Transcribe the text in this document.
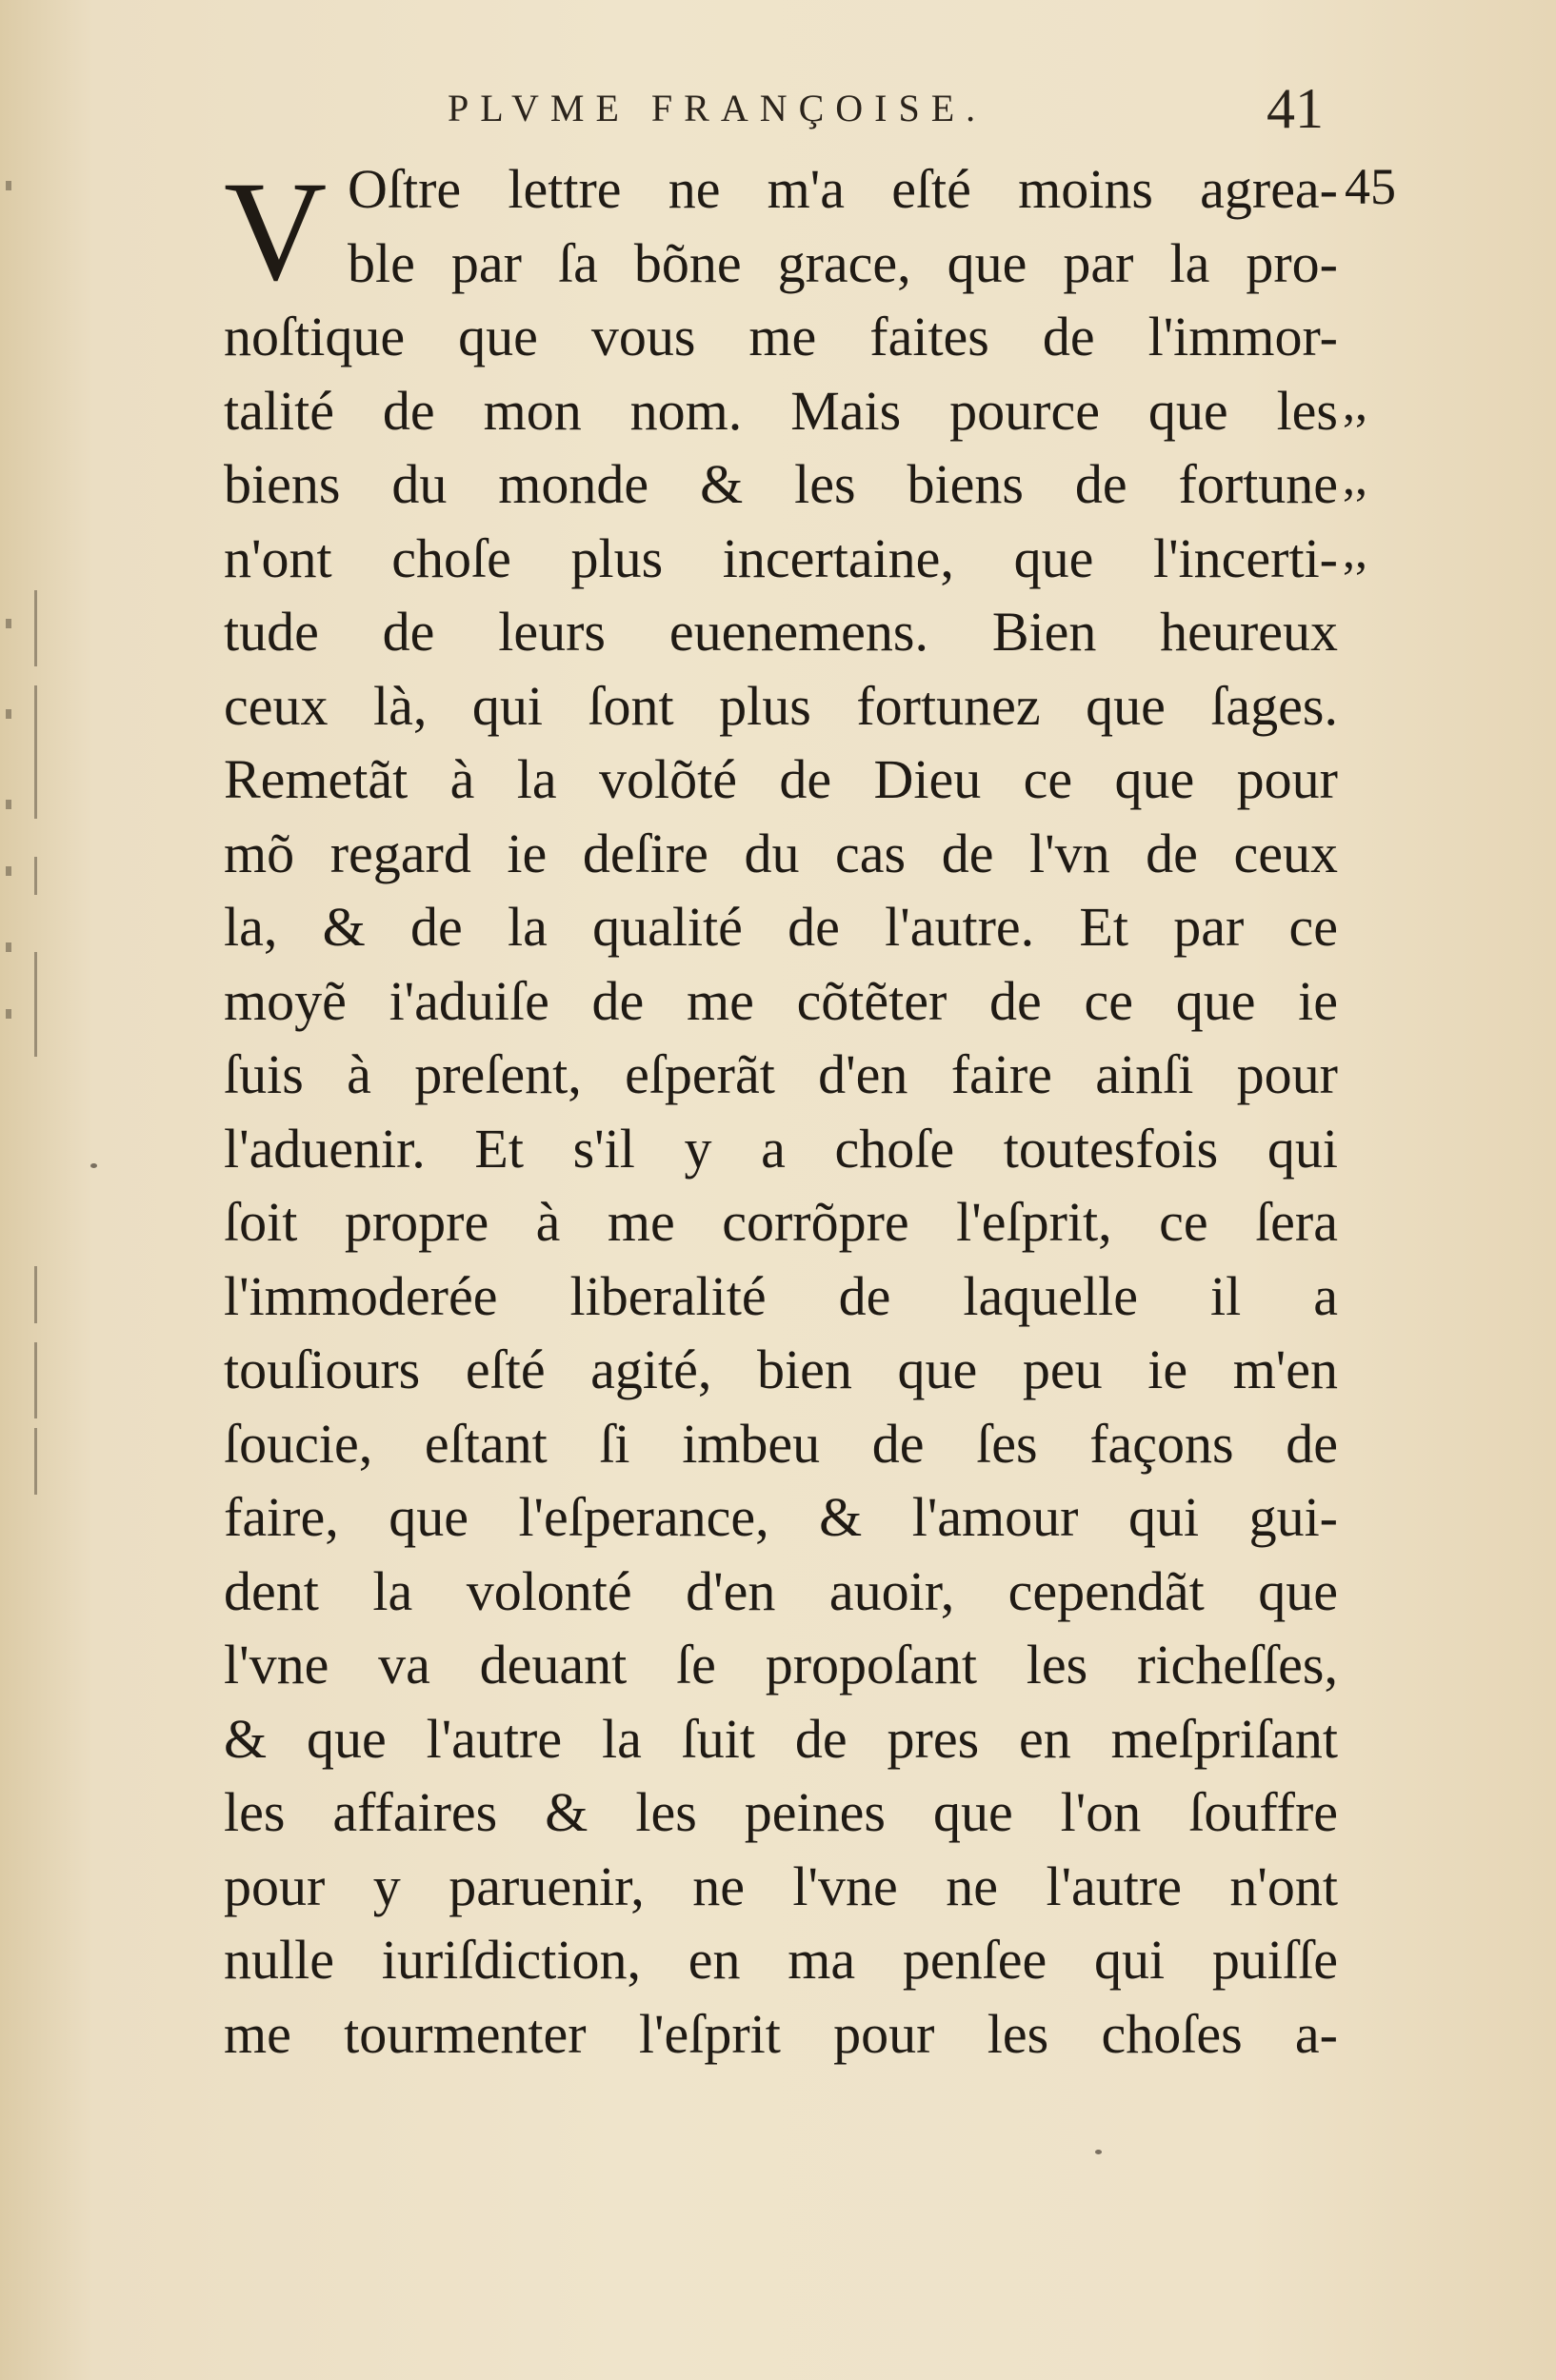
PLVME FRANÇOISE.	41
V	45
,,
,,
,,
Oſtre lettre ne m'a eſté moins agrea-
ble par ſa bõne grace, que par la pro-
noſtique que vous me faites de l'immor-
talité de mon nom. Mais pource que les
biens du monde & les biens de fortune
n'ont choſe plus incertaine, que l'incerti-
tude de leurs euenemens. Bien heureux
ceux là, qui ſont plus fortunez que ſages.
Remetãt à la volõté de Dieu ce que pour
mõ regard ie deſire du cas de l'vn de ceux
la, & de la qualité de l'autre. Et par ce
moyẽ i'aduiſe de me cõtẽter de ce que ie
ſuis à preſent, eſperãt d'en faire ainſi pour
l'aduenir. Et s'il y a choſe toutesfois qui
ſoit propre à me corrõpre l'eſprit, ce ſera
l'immoderée liberalité de laquelle il a
touſiours eſté agité, bien que peu ie m'en
ſoucie, eſtant ſi imbeu de ſes façons de
faire, que l'eſperance, & l'amour qui gui-
dent la volonté d'en auoir, cependãt que
l'vne va deuant ſe propoſant les richeſſes,
& que l'autre la ſuit de pres en meſpriſant
les affaires & les peines que l'on ſouffre
pour y paruenir, ne l'vne ne l'autre n'ont
nulle iuriſdiction, en ma penſee qui puiſſe
me tourmenter l'eſprit pour les choſes a-
